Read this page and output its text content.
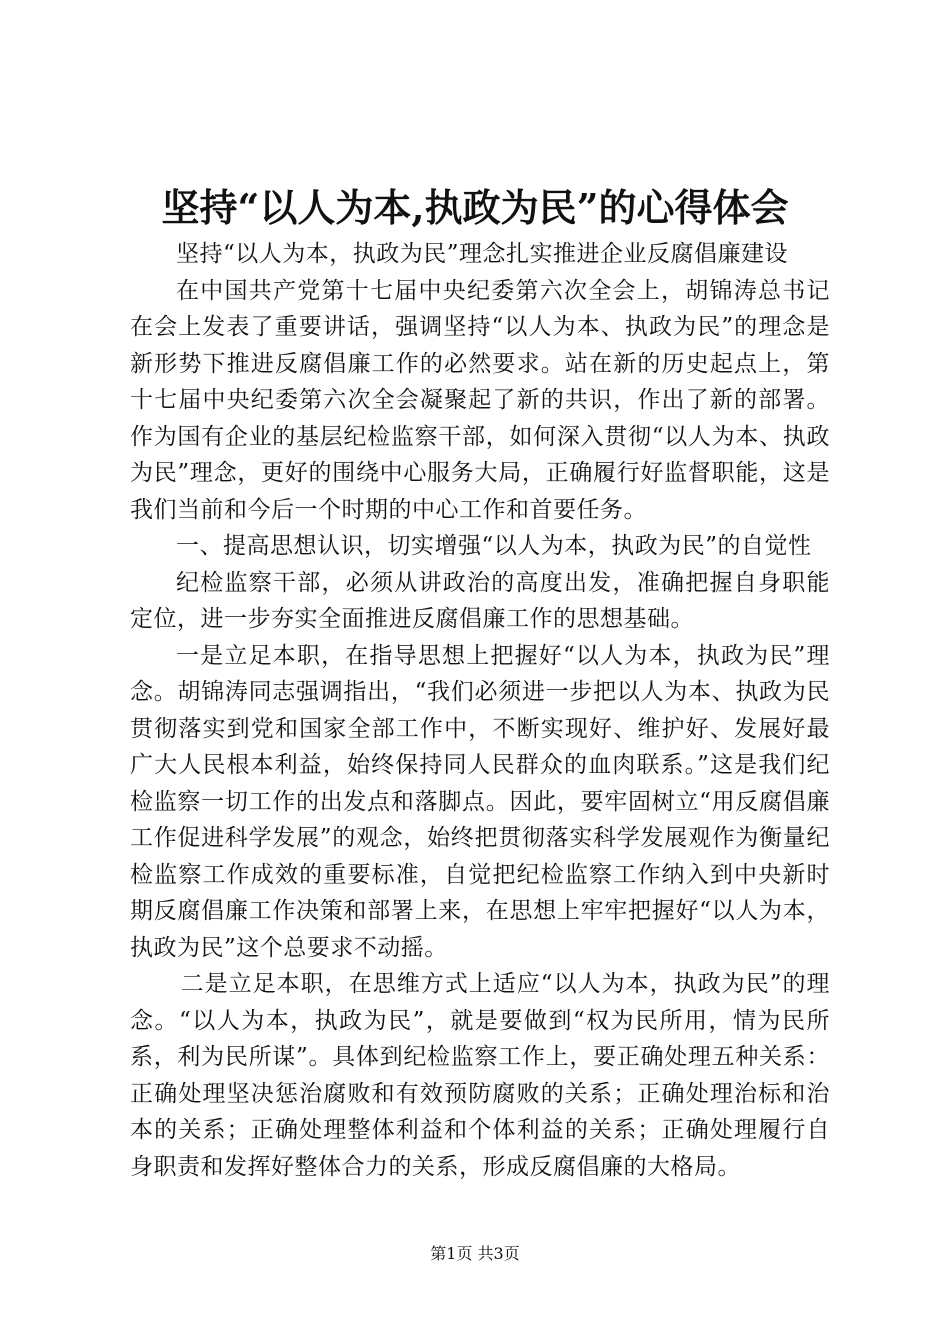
坚持“以人为本,执政为民”的心得体会

坚持“以人为本，执政为民”理念扎实推进企业反腐倡廉建设

在中国共产党第十七届中央纪委第六次全会上，胡锦涛总书记在会上发表了重要讲话，强调坚持“以人为本、执政为民”的理念是新形势下推进反腐倡廉工作的必然要求。站在新的历史起点上，第十七届中央纪委第六次全会凝聚起了新的共识，作出了新的部署。作为国有企业的基层纪检监察干部，如何深入贯彻“以人为本、执政为民”理念，更好的围绕中心服务大局，正确履行好监督职能，这是我们当前和今后一个时期的中心工作和首要任务。

一、提高思想认识，切实增强“以人为本，执政为民”的自觉性

纪检监察干部，必须从讲政治的高度出发，准确把握自身职能定位，进一步夯实全面推进反腐倡廉工作的思想基础。

一是立足本职，在指导思想上把握好“以人为本，执政为民”理念。胡锦涛同志强调指出，“我们必须进一步把以人为本、执政为民贯彻落实到党和国家全部工作中，不断实现好、维护好、发展好最广大人民根本利益，始终保持同人民群众的血肉联系。”这是我们纪检监察一切工作的出发点和落脚点。因此，要牢固树立“用反腐倡廉工作促进科学发展”的观念，始终把贯彻落实科学发展观作为衡量纪检监察工作成效的重要标准，自觉把纪检监察工作纳入到中央新时期反腐倡廉工作决策和部署上来，在思想上牢牢把握好“以人为本，执政为民”这个总要求不动摇。

二是立足本职，在思维方式上适应“以人为本，执政为民”的理念。“以人为本，执政为民”，就是要做到“权为民所用，情为民所系，利为民所谋”。具体到纪检监察工作上，要正确处理五种关系：正确处理坚决惩治腐败和有效预防腐败的关系；正确处理治标和治本的关系；正确处理整体利益和个体利益的关系；正确处理履行自身职责和发挥好整体合力的关系，形成反腐倡廉的大格局。

第1页 共3页
